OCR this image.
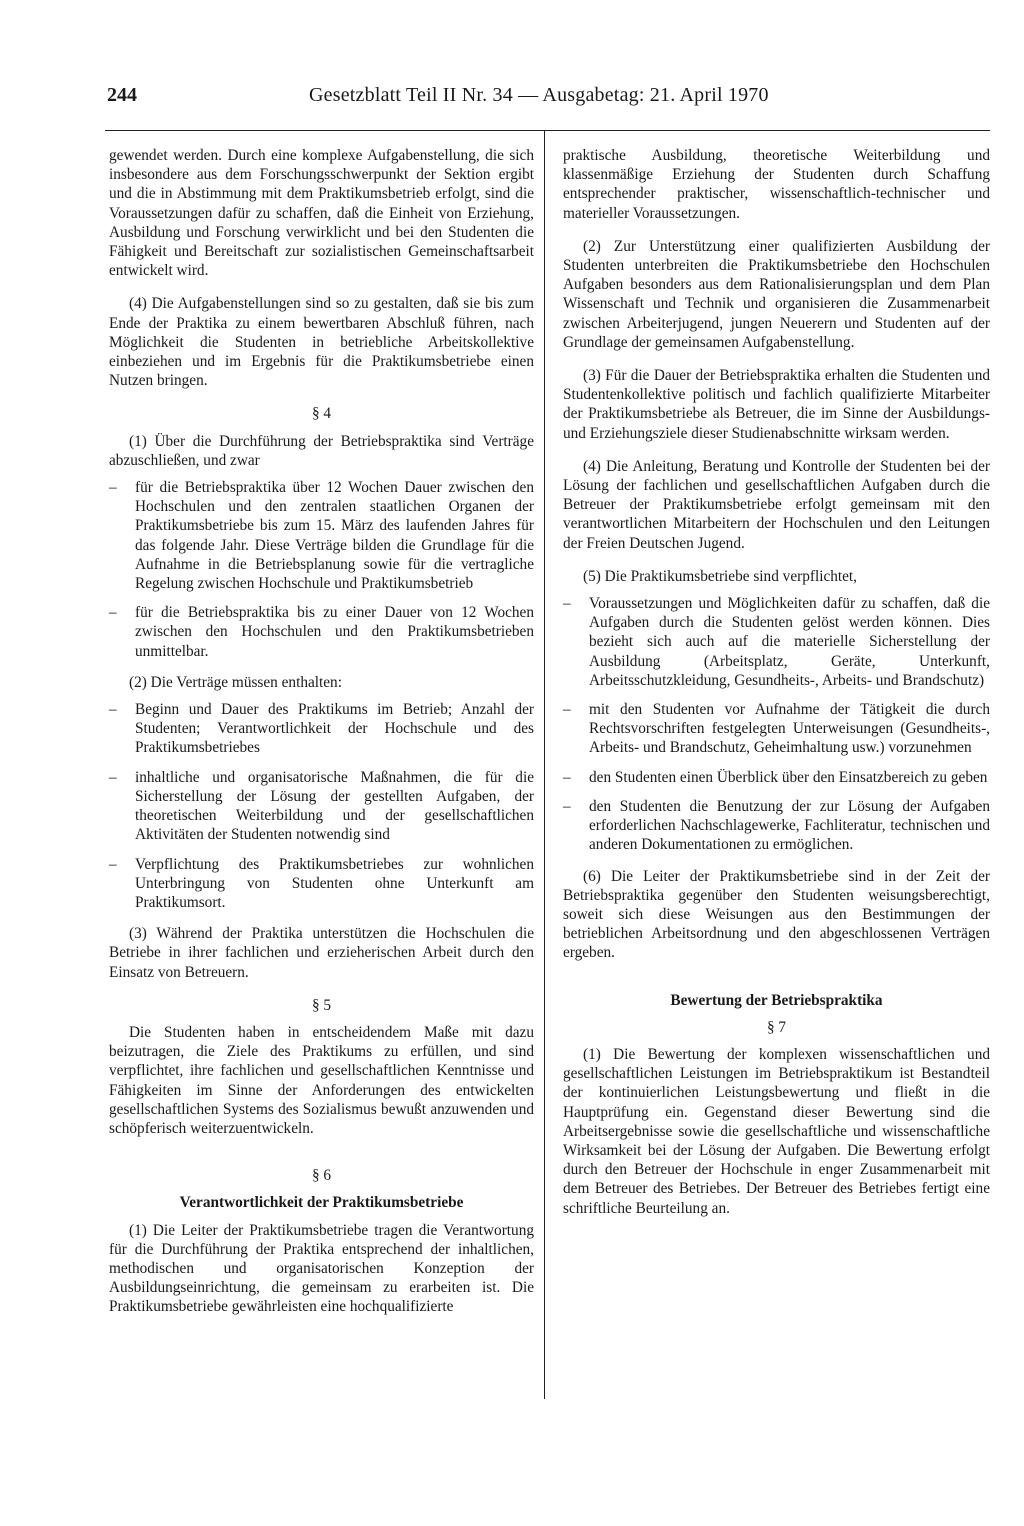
244	Gesetzblatt Teil II Nr. 34 — Ausgabetag: 21. April 1970

gewendet werden. Durch eine komplexe Aufgabenstellung, die sich insbesondere aus dem Forschungsschwerpunkt der Sektion ergibt und die in Abstimmung mit dem Praktikumsbetrieb erfolgt, sind die Voraussetzungen dafür zu schaffen, daß die Einheit von Erziehung, Ausbildung und Forschung verwirklicht und bei den Studenten die Fähigkeit und Bereitschaft zur sozialistischen Gemeinschaftsarbeit entwickelt wird.

(4) Die Aufgabenstellungen sind so zu gestalten, daß sie bis zum Ende der Praktika zu einem bewertbaren Abschluß führen, nach Möglichkeit die Studenten in betriebliche Arbeitskollektive einbeziehen und im Ergebnis für die Praktikumsbetriebe einen Nutzen bringen.

§ 4

(1) Über die Durchführung der Betriebspraktika sind Verträge abzuschließen, und zwar

– für die Betriebspraktika über 12 Wochen Dauer zwischen den Hochschulen und den zentralen staatlichen Organen der Praktikumsbetriebe bis zum 15. März des laufenden Jahres für das folgende Jahr. Diese Verträge bilden die Grundlage für die Aufnahme in die Betriebsplanung sowie für die vertragliche Regelung zwischen Hochschule und Praktikumsbetrieb
– für die Betriebspraktika bis zu einer Dauer von 12 Wochen zwischen den Hochschulen und den Praktikumsbetrieben unmittelbar.

(2) Die Verträge müssen enthalten:

– Beginn und Dauer des Praktikums im Betrieb; Anzahl der Studenten; Verantwortlichkeit der Hochschule und des Praktikumsbetriebes
– inhaltliche und organisatorische Maßnahmen, die für die Sicherstellung der Lösung der gestellten Aufgaben, der theoretischen Weiterbildung und der gesellschaftlichen Aktivitäten der Studenten notwendig sind
– Verpflichtung des Praktikumsbetriebes zur wohnlichen Unterbringung von Studenten ohne Unterkunft am Praktikumsort.

(3) Während der Praktika unterstützen die Hochschulen die Betriebe in ihrer fachlichen und erzieherischen Arbeit durch den Einsatz von Betreuern.

§ 5

Die Studenten haben in entscheidendem Maße mit dazu beizutragen, die Ziele des Praktikums zu erfüllen, und sind verpflichtet, ihre fachlichen und gesellschaftlichen Kenntnisse und Fähigkeiten im Sinne der Anforderungen des entwickelten gesellschaftlichen Systems des Sozialismus bewußt anzuwenden und schöpferisch weiterzuentwickeln.

§ 6
Verantwortlichkeit der Praktikumsbetriebe

(1) Die Leiter der Praktikumsbetriebe tragen die Verantwortung für die Durchführung der Praktika entsprechend der inhaltlichen, methodischen und organisatorischen Konzeption der Ausbildungseinrichtung, die gemeinsam zu erarbeiten ist. Die Praktikumsbetriebe gewährleisten eine hochqualifizierte

praktische Ausbildung, theoretische Weiterbildung und klassenmäßige Erziehung der Studenten durch Schaffung entsprechender praktischer, wissenschaftlich-technischer und materieller Voraussetzungen.

(2) Zur Unterstützung einer qualifizierten Ausbildung der Studenten unterbreiten die Praktikumsbetriebe den Hochschulen Aufgaben besonders aus dem Rationalisierungsplan und dem Plan Wissenschaft und Technik und organisieren die Zusammenarbeit zwischen Arbeiterjugend, jungen Neuerern und Studenten auf der Grundlage der gemeinsamen Aufgabenstellung.

(3) Für die Dauer der Betriebspraktika erhalten die Studenten und Studentenkollektive politisch und fachlich qualifizierte Mitarbeiter der Praktikumsbetriebe als Betreuer, die im Sinne der Ausbildungs- und Erziehungsziele dieser Studienabschnitte wirksam werden.

(4) Die Anleitung, Beratung und Kontrolle der Studenten bei der Lösung der fachlichen und gesellschaftlichen Aufgaben durch die Betreuer der Praktikumsbetriebe erfolgt gemeinsam mit den verantwortlichen Mitarbeitern der Hochschulen und den Leitungen der Freien Deutschen Jugend.

(5) Die Praktikumsbetriebe sind verpflichtet,

– Voraussetzungen und Möglichkeiten dafür zu schaffen, daß die Aufgaben durch die Studenten gelöst werden können. Dies bezieht sich auch auf die materielle Sicherstellung der Ausbildung (Arbeitsplatz, Geräte, Unterkunft, Arbeitsschutzkleidung, Gesundheits-, Arbeits- und Brandschutz)
– mit den Studenten vor Aufnahme der Tätigkeit die durch Rechtsvorschriften festgelegten Unterweisungen (Gesundheits-, Arbeits- und Brandschutz, Geheimhaltung usw.) vorzunehmen
– den Studenten einen Überblick über den Einsatzbereich zu geben
– den Studenten die Benutzung der zur Lösung der Aufgaben erforderlichen Nachschlagewerke, Fachliteratur, technischen und anderen Dokumentationen zu ermöglichen.

(6) Die Leiter der Praktikumsbetriebe sind in der Zeit der Betriebspraktika gegenüber den Studenten weisungsberechtigt, soweit sich diese Weisungen aus den Bestimmungen der betrieblichen Arbeitsordnung und den abgeschlossenen Verträgen ergeben.

Bewertung der Betriebspraktika
§ 7

(1) Die Bewertung der komplexen wissenschaftlichen und gesellschaftlichen Leistungen im Betriebspraktikum ist Bestandteil der kontinuierlichen Leistungsbewertung und fließt in die Hauptprüfung ein. Gegenstand dieser Bewertung sind die Arbeitsergebnisse sowie die gesellschaftliche und wissenschaftliche Wirksamkeit bei der Lösung der Aufgaben. Die Bewertung erfolgt durch den Betreuer der Hochschule in enger Zusammenarbeit mit dem Betreuer des Betriebes. Der Betreuer des Betriebes fertigt eine schriftliche Beurteilung an.
